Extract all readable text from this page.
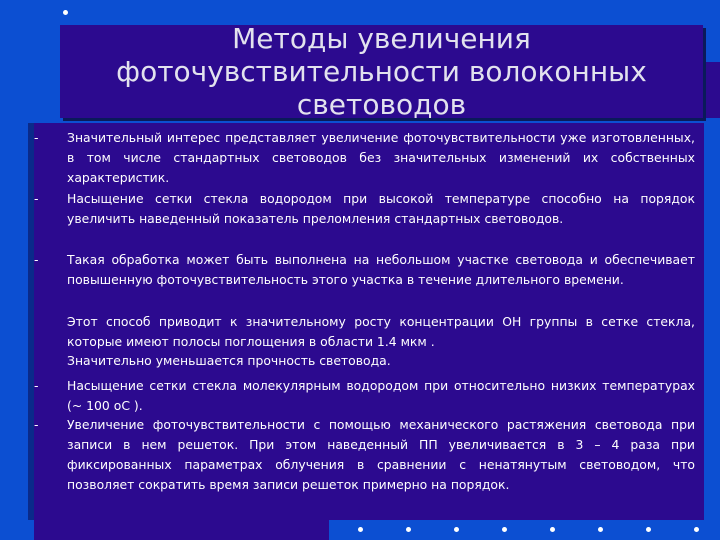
Методы увеличения
фоточувствительности волоконных
световодов
- Значительный интерес представляет увеличение фоточувствительности уже изготовленных, в том числе стандартных световодов без значительных изменений их собственных характеристик.
- Насыщение сетки стекла водородом при высокой температуре способно на порядок увеличить наведенный показатель преломления стандартных световодов.
- Такая обработка может быть выполнена на небольшом участке световода и обеспечивает повышенную фоточувствительность этого участка в течение длительного времени.
Этот способ приводит к значительному росту концентрации ОН группы в сетке стекла, которые имеют полосы поглощения в области 1.4 мкм .
Значительно уменьшается прочность световода.
- Насыщение сетки стекла молекулярным водородом при относительно низких температурах (~ 100 оС ).
- Увеличение фоточувствительности с помощью механического растяжения световода при записи в нем решеток. При этом наведенный ПП увеличивается в 3 – 4 раза при фиксированных параметрах облучения в сравнении с ненатянутым световодом, что позволяет сократить время записи решеток примерно на порядок.
